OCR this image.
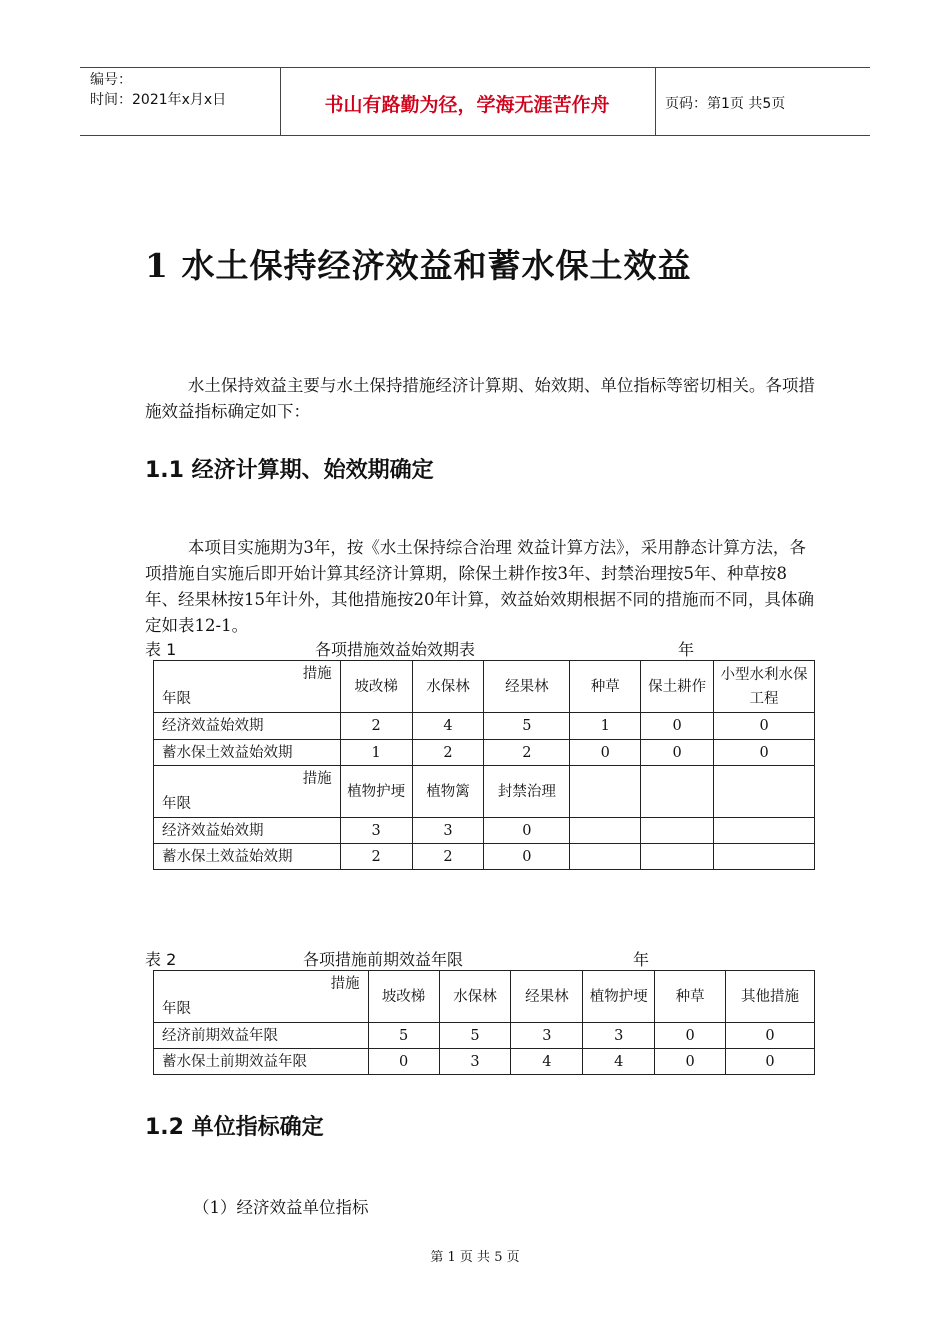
编号：
时间：2021年x月x日	书山有路勤为径，学海无涯苦作舟	页码：第1页 共5页
1 水土保持经济效益和蓄水保土效益
水土保持效益主要与水土保持措施经济计算期、始效期、单位指标等密切相关。各项措施效益指标确定如下：
1.1 经济计算期、始效期确定
本项目实施期为3年，按《水土保持综合治理 效益计算方法》，采用静态计算方法，各项措施自实施后即开始计算其经济计算期，除保土耕作按3年、封禁治理按5年、种草按8年、经果林按15年计外，其他措施按20年计算，效益始效期根据不同的措施而不同，具体确定如表12-1。
表 1	各项措施效益始效期表	年
措施
年限	坡改梯	水保林	经果林	种草	保土耕作	小型水利水保工程
经济效益始效期	2	4	5	1	0	0
蓄水保土效益始效期	1	2	2	0	0	0

措施
年限	植物护埂	植物篱	封禁治理			
经济效益始效期	3	3	0			
蓄水保土效益始效期	2	2	0			
表 2	各项措施前期效益年限	年
措施
年限	坡改梯	水保林	经果林	植物护埂	种草	其他措施
经济前期效益年限	5	5	3	3	0	0
蓄水保土前期效益年限	0	3	4	4	0	0
1.2 单位指标确定
（1）经济效益单位指标
第 1 页 共 5 页
